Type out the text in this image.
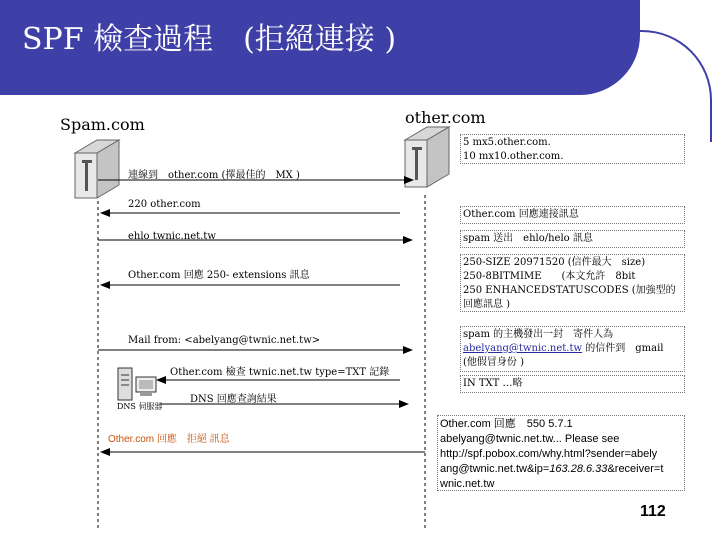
SPF 檢查過程　(拒絕連接 )
Spam.com	other.com
連線到　other.com (擇最佳的　MX )
220 other.com
ehlo twnic.net.tw
Other.com 回應 250- extensions 訊息
Mail from: <abelyang@twnic.net.tw>
Other.com 檢查 twnic.net.tw type=TXT 記錄
DNS 回應查詢結果
Other.com 回應　拒絕 訊息
DNS 伺服器
5 mx5.other.com.
10 mx10.other.com.
Other.com 回應連接訊息
spam 送出　ehlo/helo 訊息
250-SIZE 20971520 (信件最大　size)
250-8BITMIME　　(本文允許　8bit
250 ENHANCEDSTATUSCODES (加強型的
回應訊息 )
spam 的主機發出一封　寄件人為
abelyang@twnic.net.tw 的信件到　gmail
(他假冒身份 )
IN TXT …略
Other.com 回應　550 5.7.1
abelyang@twnic.net.tw... Please see
http://spf.pobox.com/why.html?sender=abely
ang@twnic.net.tw&ip=163.28.6.33&receiver=t
wnic.net.tw
112
